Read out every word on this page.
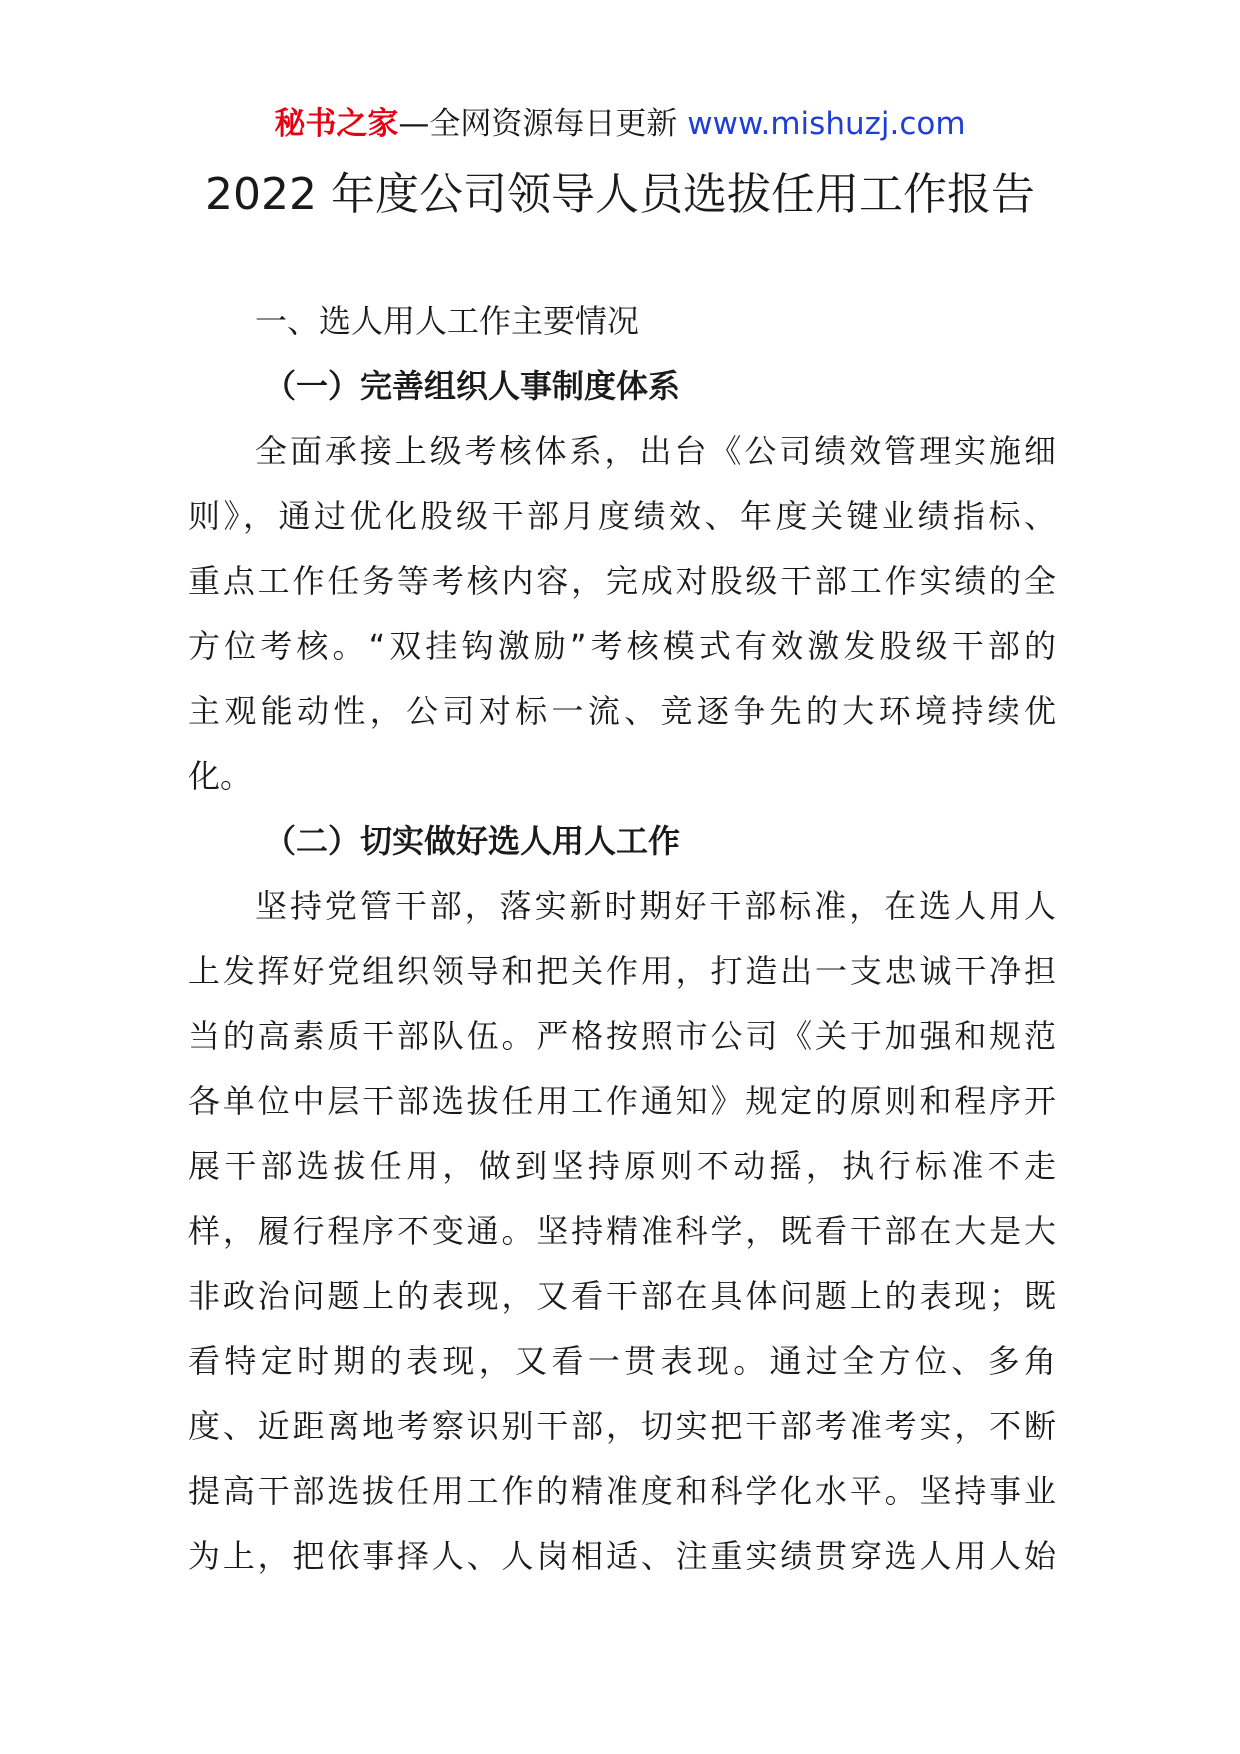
秘书之家—全网资源每日更新 www.mishuzj.com
2022 年度公司领导人员选拔任用工作报告
一、选人用人工作主要情况
（一）完善组织人事制度体系
全面承接上级考核体系，出台《公司绩效管理实施细
则》，通过优化股级干部月度绩效、年度关键业绩指标、
重点工作任务等考核内容，完成对股级干部工作实绩的全
方位考核。“双挂钩激励”考核模式有效激发股级干部的
主观能动性，公司对标一流、竞逐争先的大环境持续优
化。
（二）切实做好选人用人工作
坚持党管干部，落实新时期好干部标准，在选人用人
上发挥好党组织领导和把关作用，打造出一支忠诚干净担
当的高素质干部队伍。严格按照市公司《关于加强和规范
各单位中层干部选拔任用工作通知》规定的原则和程序开
展干部选拔任用，做到坚持原则不动摇，执行标准不走
样，履行程序不变通。坚持精准科学，既看干部在大是大
非政治问题上的表现，又看干部在具体问题上的表现；既
看特定时期的表现，又看一贯表现。通过全方位、多角
度、近距离地考察识别干部，切实把干部考准考实，不断
提高干部选拔任用工作的精准度和科学化水平。坚持事业
为上，把依事择人、人岗相适、注重实绩贯穿选人用人始
